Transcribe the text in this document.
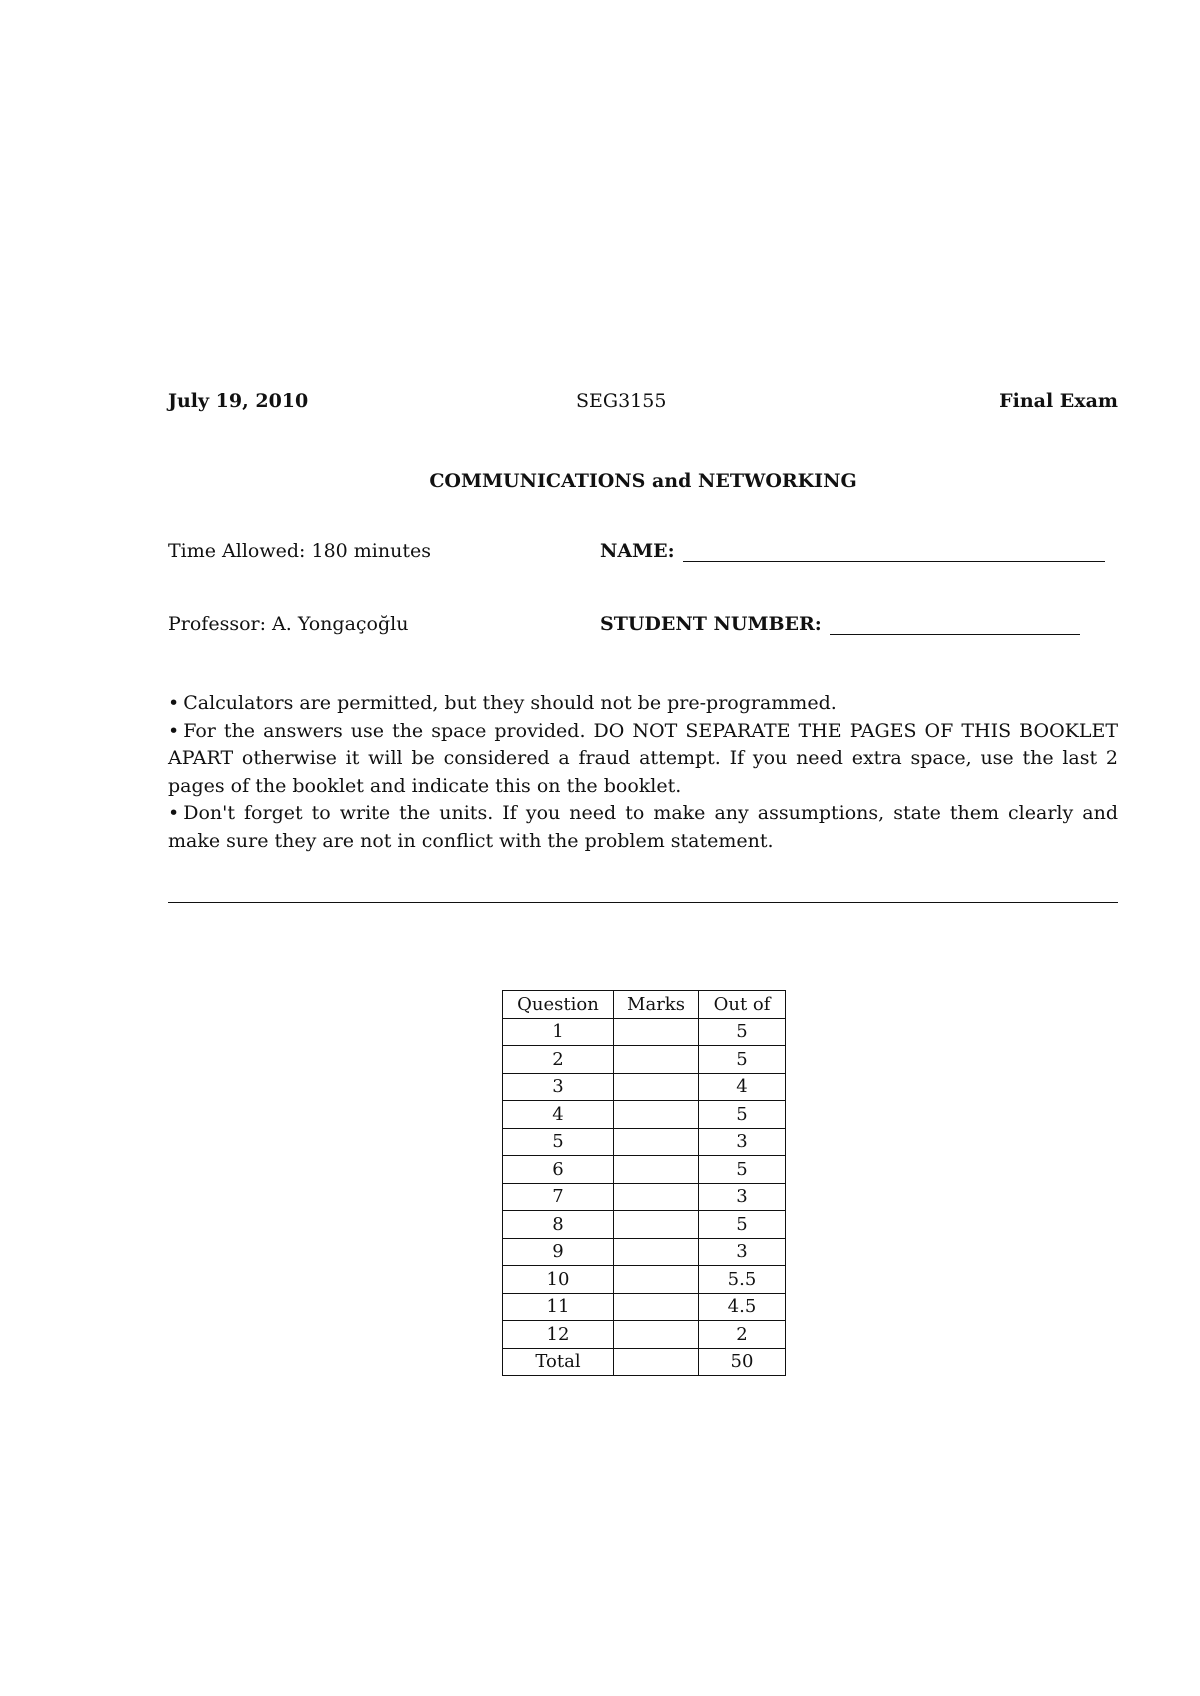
July 19, 2010	SEG3155	Final Exam
COMMUNICATIONS and NETWORKING
Time Allowed: 180 minutes	NAME:
Professor: A. Yongaçoğlu	STUDENT NUMBER:

• Calculators are permitted, but they should not be pre-programmed.

• For the answers use the space provided. DO NOT SEPARATE THE PAGES OF THIS BOOKLET APART otherwise it will be considered a fraud attempt. If you need extra space, use the last 2 pages of the booklet and indicate this on the booklet.

• Don't forget to write the units. If you need to make any assumptions, state them clearly and make sure they are not in conflict with the problem statement.

Question	Marks	Out of
1		5
2		5
3		4
4		5
5		3
6		5
7		3
8		5
9		3
10		5.5
11		4.5
12		2
Total		50
